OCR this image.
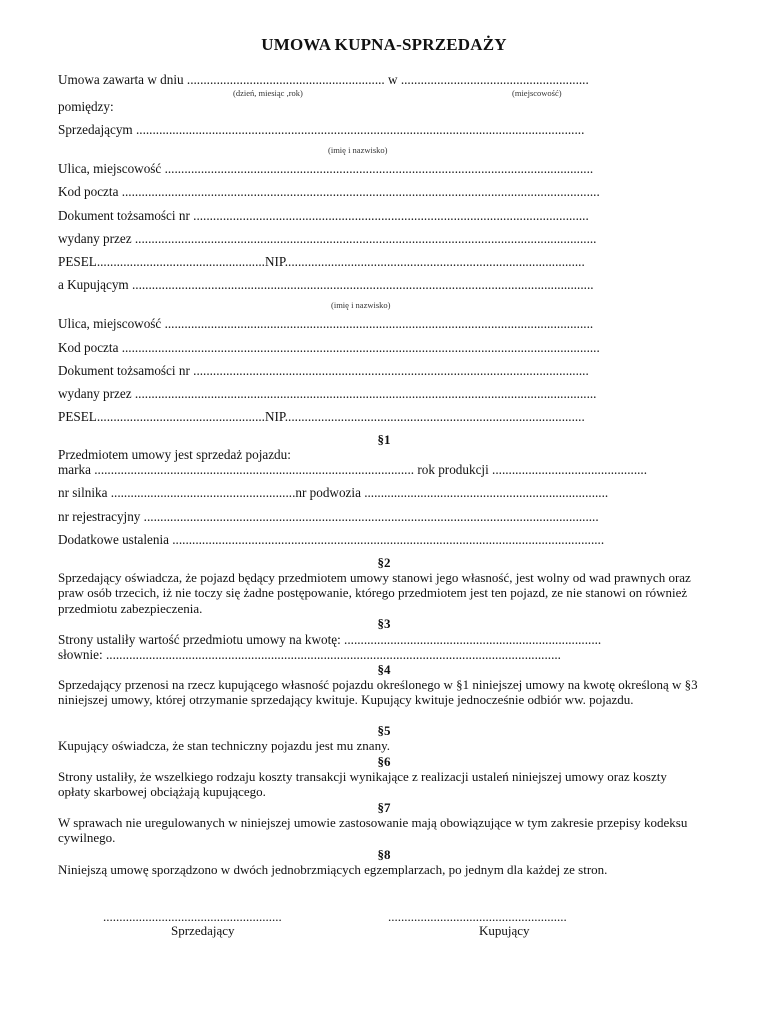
UMOWA KUPNA-SPRZEDAŻY
Umowa zawarta w dniu ............................................................ w .........................................................
(dzień, miesiąc ,rok)	(miejscowość)
pomiędzy:
Sprzedającym ........................................................................................................................................
(imię i nazwisko)
Ulica, miejscowość ..................................................................................................................................
Kod poczta .................................................................................................................................................
Dokument tożsamości nr ........................................................................................................................
wydany przez ............................................................................................................................................
PESEL...................................................NIP...........................................................................................
a Kupującym ............................................................................................................................................
(imię i nazwisko)
Ulica, miejscowość ..................................................................................................................................
Kod poczta .................................................................................................................................................
Dokument tożsamości nr ........................................................................................................................
wydany przez ............................................................................................................................................
PESEL...................................................NIP...........................................................................................
§1
Przedmiotem umowy jest sprzedaż pojazdu:
marka ................................................................................................. rok produkcji ...............................................
nr silnika ........................................................nr podwozia ..........................................................................
nr rejestracyjny ..........................................................................................................................................
Dodatkowe ustalenia ...................................................................................................................................
§2
Sprzedający oświadcza, że pojazd będący przedmiotem umowy stanowi jego własność, jest wolny od wad prawnych oraz praw osób trzecich, iż nie toczy się żadne postępowanie, którego przedmiotem jest ten pojazd, ze nie stanowi on również przedmiotu zabezpieczenia.
§3
Strony ustaliły wartość przedmiotu umowy na kwotę: ..............................................................................
słownie: ..........................................................................................................................................
§4
Sprzedający przenosi na rzecz kupującego własność pojazdu określonego w §1 niniejszej umowy na kwotę określoną w §3 niniejszej umowy, której otrzymanie sprzedający kwituje. Kupujący kwituje jednocześnie odbiór ww. pojazdu.
§5
Kupujący oświadcza, że stan techniczny pojazdu jest mu znany.
§6
Strony ustaliły, że wszelkiego rodzaju koszty transakcji wynikające z realizacji ustaleń niniejszej umowy oraz koszty opłaty skarbowej obciążają kupującego.
§7
W sprawach nie uregulowanych w niniejszej umowie zastosowanie mają obowiązujące w tym zakresie przepisy kodeksu cywilnego.
§8
Niniejszą umowę sporządzono w dwóch jednobrzmiących egzemplarzach, po jednym dla każdej ze stron.
.......................................................
Sprzedający
.......................................................
Kupujący
